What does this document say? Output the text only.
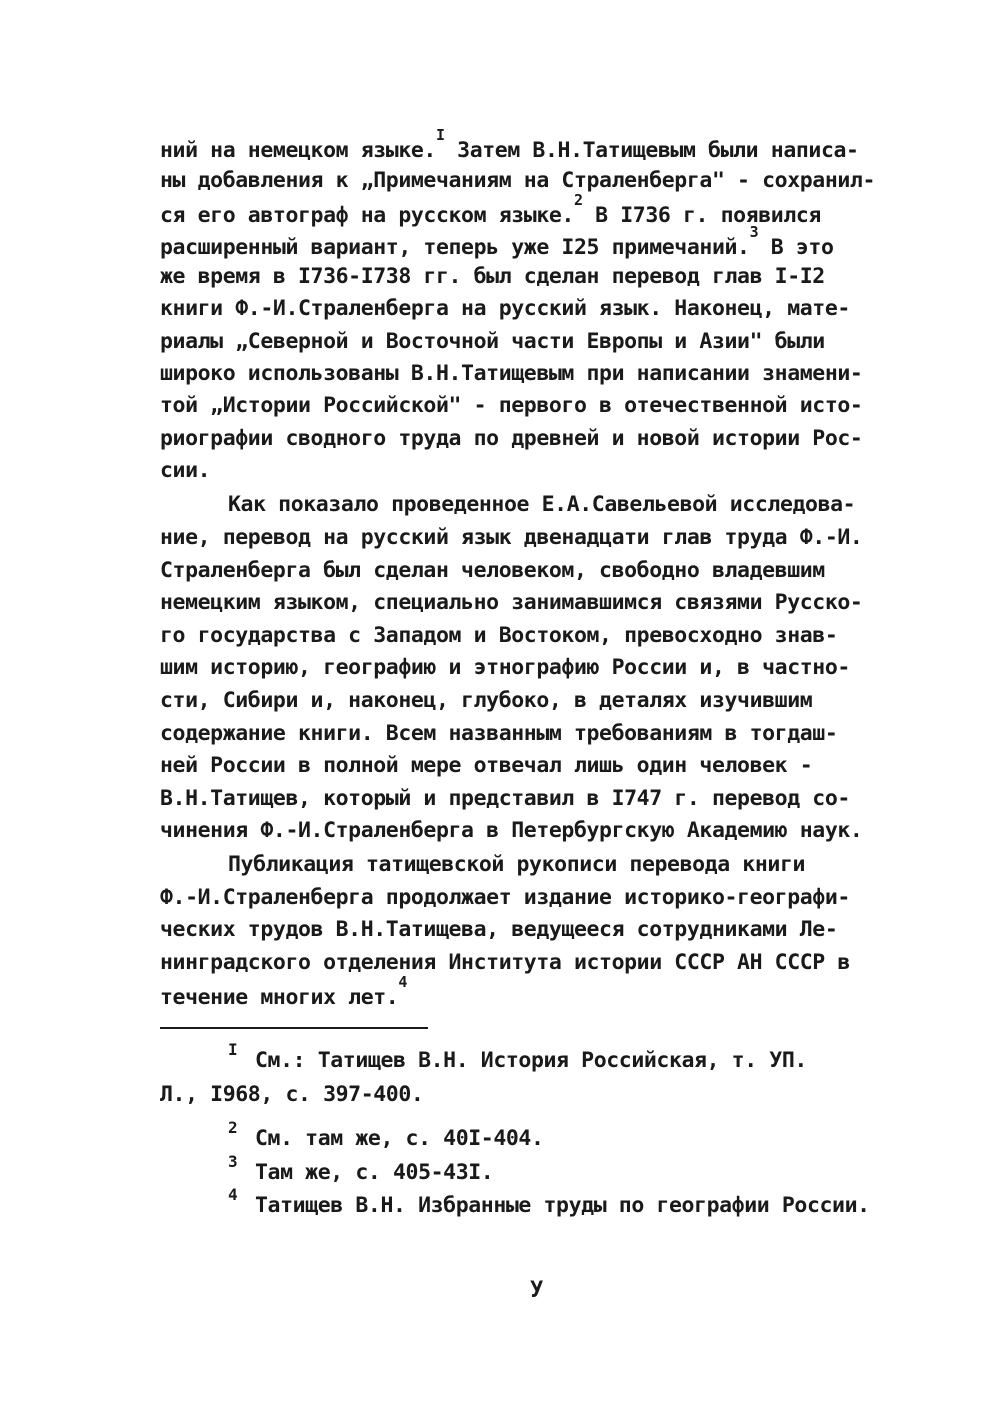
ний на немецком языке.$^I$ Затем В.Н.Татищевым были написа-
ны добавления к „Примечаниям на Страленберга" - сохранил-
ся его автограф на русском языке.$^2$ В I736 г. появился
расширенный вариант, теперь уже I25 примечаний.$^3$ В это
же время в I736-I738 гг. был сделан перевод глав I-I2
книги Ф.-И.Страленберга на русский язык. Наконец, мате-
риалы „Северной и Восточной части Европы и Азии" были
широко использованы В.Н.Татищевым при написании знамени-
той „Истории Российской" - первого в отечественной исто-
риографии сводного труда по древней и новой истории Рос-
сии.
Как показало проведенное Е.А.Савельевой исследова-
ние, перевод на русский язык двенадцати глав труда Ф.-И.
Страленберга был сделан человеком, свободно владевшим
немецким языком, специально занимавшимся связями Русско-
го государства с Западом и Востоком, превосходно знав-
шим историю, географию и этнографию России и, в частно-
сти, Сибири и, наконец, глубоко, в деталях изучившим
содержание книги. Всем названным требованиям в тогдаш-
ней России в полной мере отвечал лишь один человек -
В.Н.Татищев, который и представил в I747 г. перевод со-
чинения Ф.-И.Страленберга в Петербургскую Академию наук.
Публикация татищевской рукописи перевода книги
Ф.-И.Страленберга продолжает издание историко-географи-
ческих трудов В.Н.Татищева, ведущееся сотрудниками Ле-
нинградского отделения Института истории СССР АН СССР в
течение многих лет.$^4$
I См.: Татищев В.Н. История Российская, т. УП.
Л., I968, с. 397-400.
2 См. там же, с. 40I-404.
3 Там же, с. 405-43I.
4 Татищев В.Н. Избранные труды по географии России.
У
